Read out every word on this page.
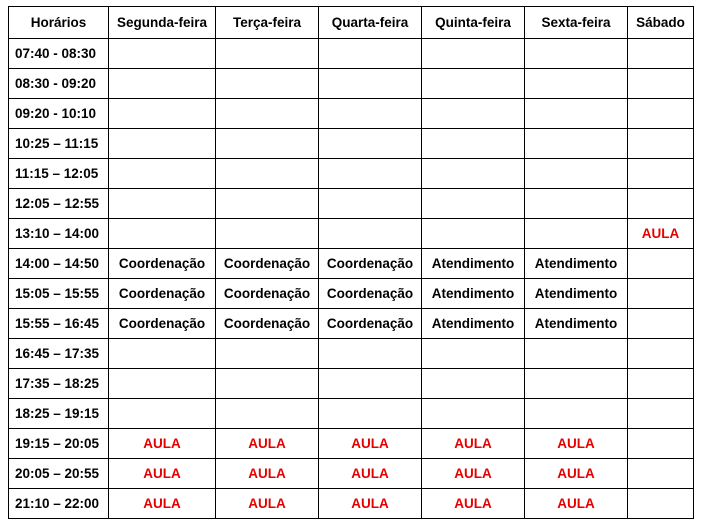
Horários	Segunda-feira	Terça-feira	Quarta-feira	Quinta-feira	Sexta-feira	Sábado
07:40 - 08:30						
08:30 - 09:20						
09:20 - 10:10						
10:25 – 11:15						
11:15 – 12:05						
12:05 – 12:55						
13:10 – 14:00						AULA
14:00 – 14:50	Coordenação	Coordenação	Coordenação	Atendimento	Atendimento	
15:05 – 15:55	Coordenação	Coordenação	Coordenação	Atendimento	Atendimento	
15:55 – 16:45	Coordenação	Coordenação	Coordenação	Atendimento	Atendimento	
16:45 – 17:35						
17:35 – 18:25						
18:25 – 19:15						
19:15 – 20:05	AULA	AULA	AULA	AULA	AULA	
20:05 – 20:55	AULA	AULA	AULA	AULA	AULA	
21:10 – 22:00	AULA	AULA	AULA	AULA	AULA	
